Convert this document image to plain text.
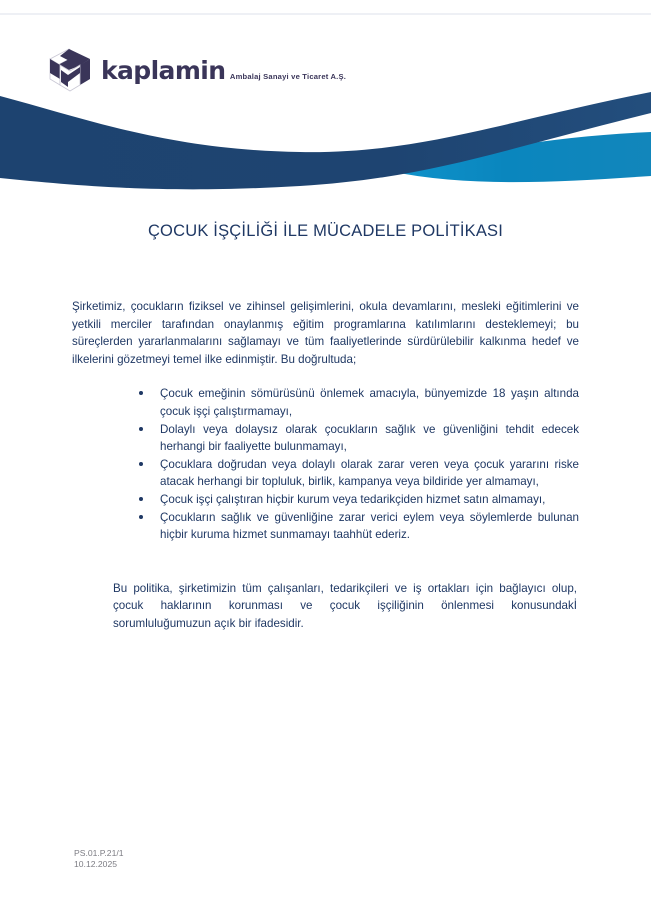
kaplamin Ambalaj Sanayi ve Ticaret A.Ş.
ÇOCUK İŞÇİLİĞİ İLE MÜCADELE POLİTİKASI

Şirketimiz, çocukların fiziksel ve zihinsel gelişimlerini, okula devamlarını, mesleki eğitimlerini ve yetkili merciler tarafından onaylanmış eğitim programlarına katılımlarını desteklemeyi; bu süreçlerden yararlanmalarını sağlamayı ve tüm faaliyetlerinde sürdürülebilir kalkınma hedef ve ilkelerini gözetmeyi temel ilke edinmiştir. Bu doğrultuda;

Çocuk emeğinin sömürüsünü önlemek amacıyla, bünyemizde 18 yaşın altında çocuk işçi çalıştırmamayı,
Dolaylı veya dolaysız olarak çocukların sağlık ve güvenliğini tehdit edecek herhangi bir faaliyette bulunmamayı,
Çocuklara doğrudan veya dolaylı olarak zarar veren veya çocuk yararını riske atacak herhangi bir topluluk, birlik, kampanya veya bildiride yer almamayı,
Çocuk işçi çalıştıran hiçbir kurum veya tedarikçiden hizmet satın almamayı,
Çocukların sağlık ve güvenliğine zarar verici eylem veya söylemlerde bulunan hiçbir kuruma hizmet sunmamayı taahhüt ederiz.

Bu politika, şirketimizin tüm çalışanları, tedarikçileri ve iş ortakları için bağlayıcı olup, çocuk haklarının korunması ve çocuk işçiliğinin önlenmesi konusundakİ sorumluluğumuzun açık bir ifadesidir.

PS.01.P.21/1
10.12.2025
